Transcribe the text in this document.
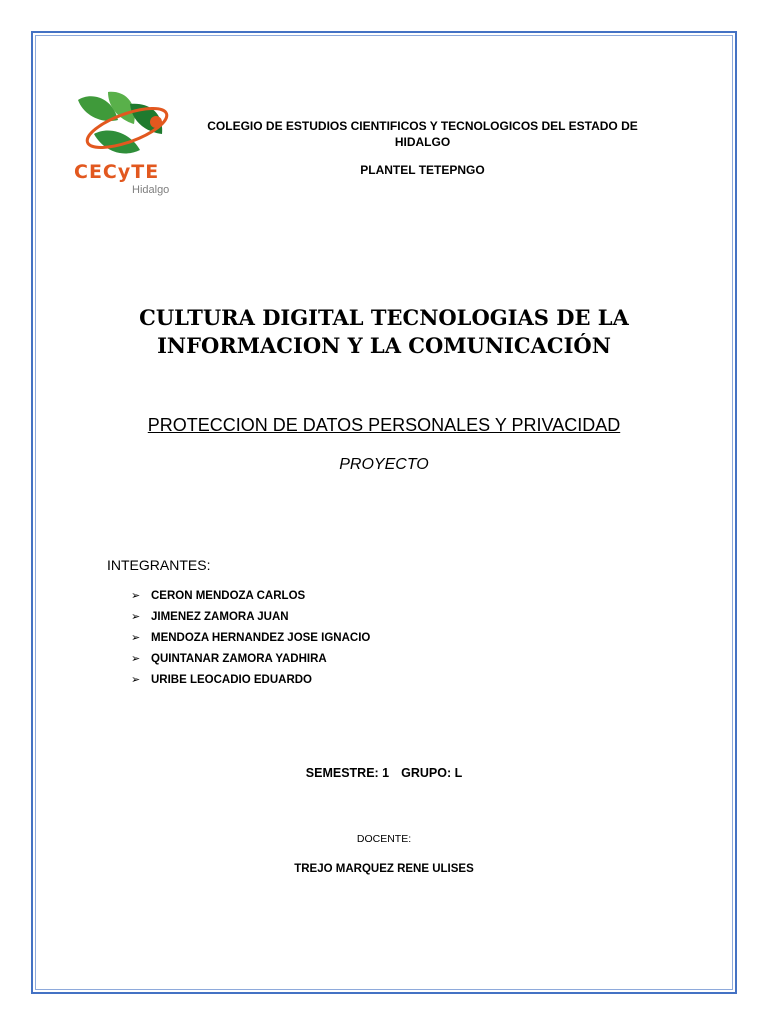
CECyTE
Hidalgo
COLEGIO DE ESTUDIOS CIENTIFICOS Y TECNOLOGICOS DEL ESTADO DE HIDALGO
PLANTEL TETEPNGO
CULTURA DIGITAL TECNOLOGIAS DE LA
INFORMACION Y LA COMUNICACIÓN
PROTECCION DE DATOS PERSONALES Y PRIVACIDAD
PROYECTO
INTEGRANTES:
➢ CERON MENDOZA CARLOS
➢ JIMENEZ ZAMORA JUAN
➢ MENDOZA HERNANDEZ JOSE IGNACIO
➢ QUINTANAR ZAMORA YADHIRA
➢ URIBE LEOCADIO EDUARDO
SEMESTRE: 1 GRUPO: L
DOCENTE:
TREJO MARQUEZ RENE ULISES
